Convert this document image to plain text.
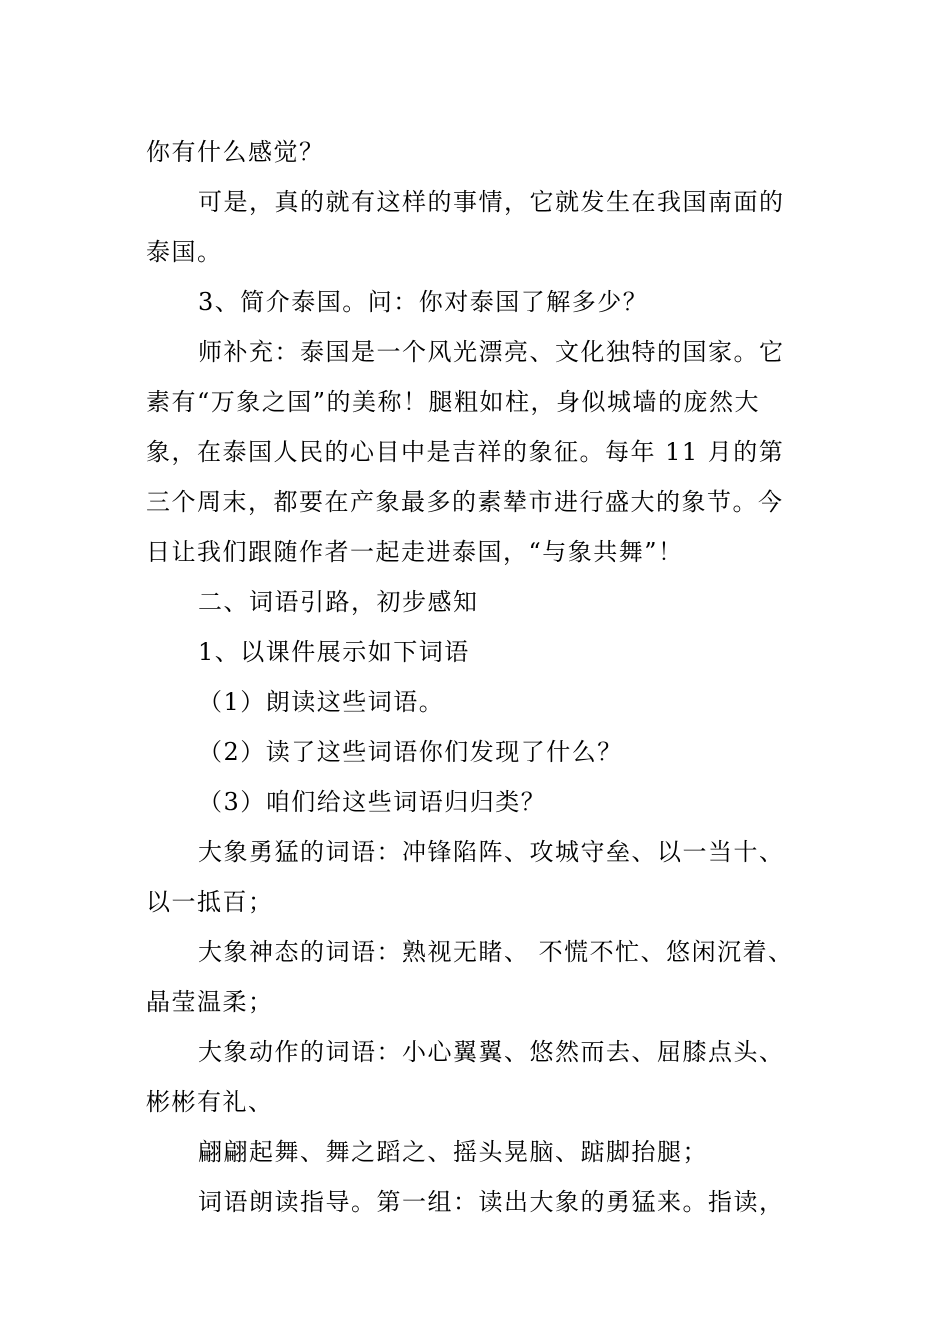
你有什么感觉？

可是，真的就有这样的事情，它就发生在我国南面的泰国。

3、简介泰国。问：你对泰国了解多少？

师补充：泰国是一个风光漂亮、文化独特的国家。它素有“万象之国”的美称！腿粗如柱，身似城墙的庞然大象，在泰国人民的心目中是吉祥的象征。每年 11 月的第三个周末，都要在产象最多的素辇市进行盛大的象节。今日让我们跟随作者一起走进泰国，“与象共舞”！

二、词语引路，初步感知

1、以课件展示如下词语

（1）朗读这些词语。

（2）读了这些词语你们发现了什么？

（3）咱们给这些词语归归类？

大象勇猛的词语：冲锋陷阵、攻城守垒、以一当十、以一抵百；

大象神态的词语：熟视无睹、 不慌不忙、悠闲沉着、晶莹温柔；

大象动作的词语：小心翼翼、悠然而去、屈膝点头、彬彬有礼、

翩翩起舞、舞之蹈之、摇头晃脑、踮脚抬腿；

词语朗读指导。第一组：读出大象的勇猛来。指读，
